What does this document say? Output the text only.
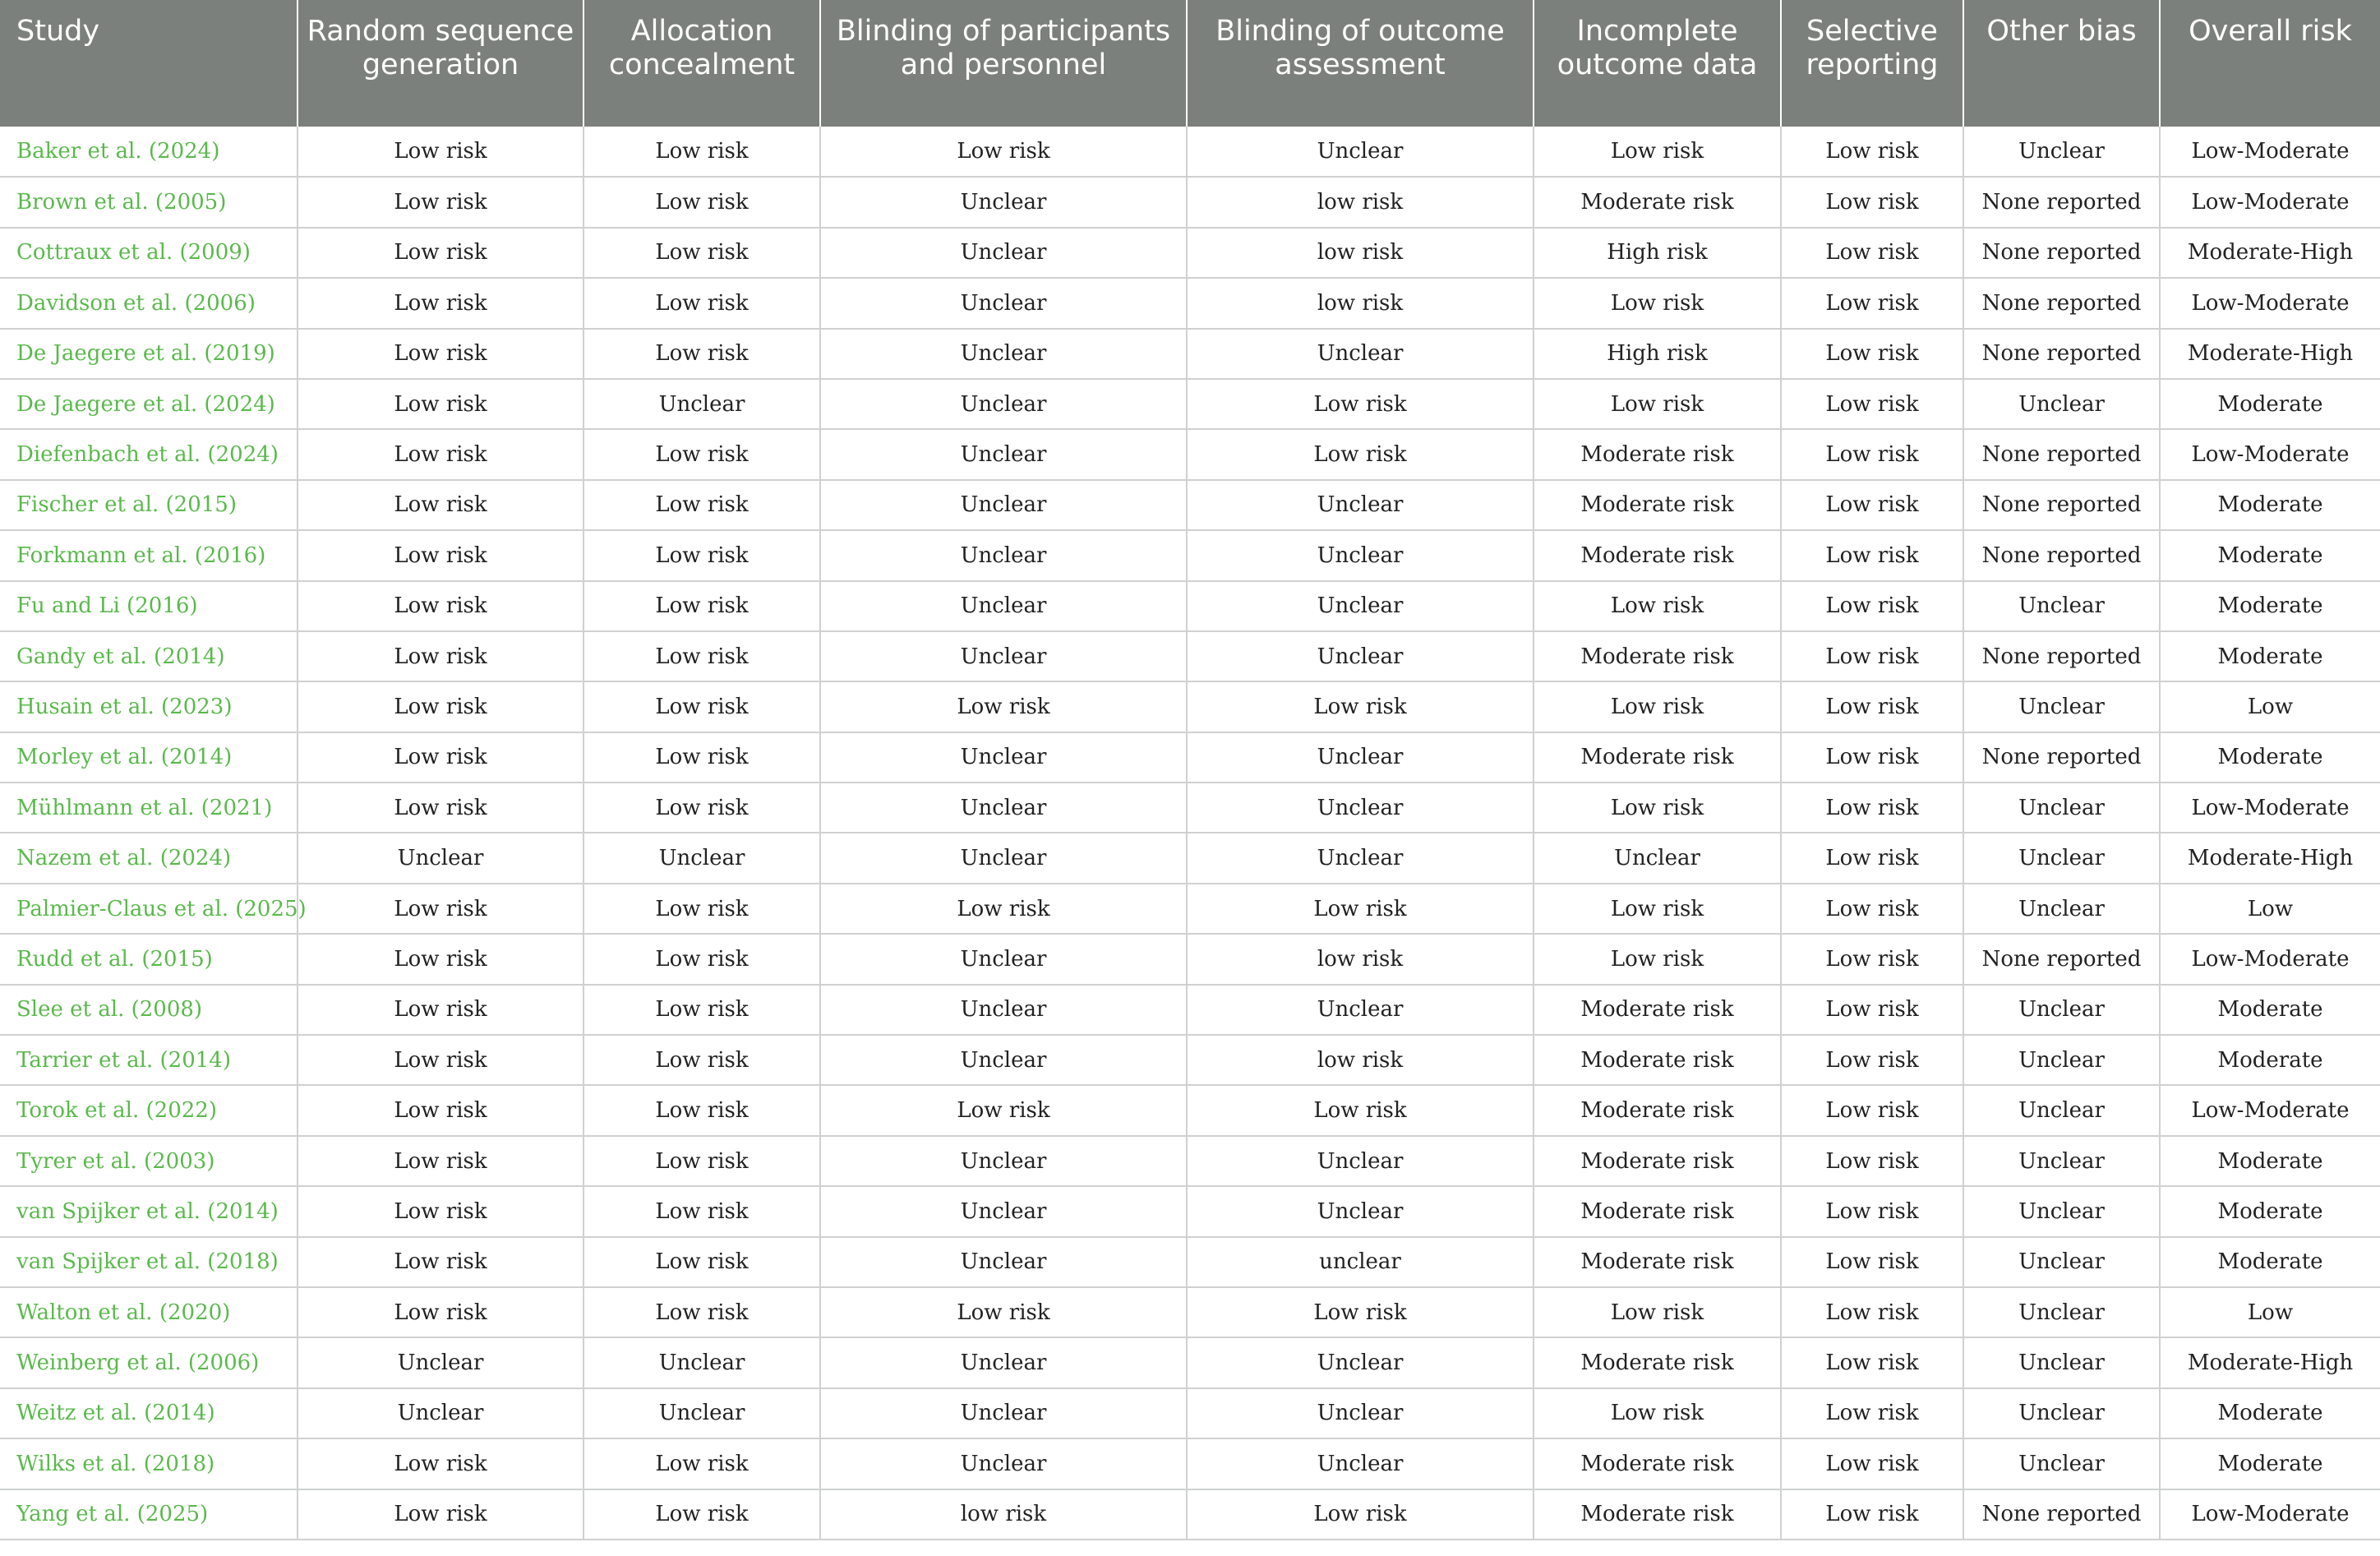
Study	Random sequence generation	Allocation concealment	Blinding of participants and personnel	Blinding of outcome assessment	Incomplete outcome data	Selective reporting	Other bias	Overall risk
Baker et al. (2024)	Low risk	Low risk	Low risk	Unclear	Low risk	Low risk	Unclear	Low-Moderate
Brown et al. (2005)	Low risk	Low risk	Unclear	low risk	Moderate risk	Low risk	None reported	Low-Moderate
Cottraux et al. (2009)	Low risk	Low risk	Unclear	low risk	High risk	Low risk	None reported	Moderate-High
Davidson et al. (2006)	Low risk	Low risk	Unclear	low risk	Low risk	Low risk	None reported	Low-Moderate
De Jaegere et al. (2019)	Low risk	Low risk	Unclear	Unclear	High risk	Low risk	None reported	Moderate-High
De Jaegere et al. (2024)	Low risk	Unclear	Unclear	Low risk	Low risk	Low risk	Unclear	Moderate
Diefenbach et al. (2024)	Low risk	Low risk	Unclear	Low risk	Moderate risk	Low risk	None reported	Low-Moderate
Fischer et al. (2015)	Low risk	Low risk	Unclear	Unclear	Moderate risk	Low risk	None reported	Moderate
Forkmann et al. (2016)	Low risk	Low risk	Unclear	Unclear	Moderate risk	Low risk	None reported	Moderate
Fu and Li (2016)	Low risk	Low risk	Unclear	Unclear	Low risk	Low risk	Unclear	Moderate
Gandy et al. (2014)	Low risk	Low risk	Unclear	Unclear	Moderate risk	Low risk	None reported	Moderate
Husain et al. (2023)	Low risk	Low risk	Low risk	Low risk	Low risk	Low risk	Unclear	Low
Morley et al. (2014)	Low risk	Low risk	Unclear	Unclear	Moderate risk	Low risk	None reported	Moderate
Mühlmann et al. (2021)	Low risk	Low risk	Unclear	Unclear	Low risk	Low risk	Unclear	Low-Moderate
Nazem et al. (2024)	Unclear	Unclear	Unclear	Unclear	Unclear	Low risk	Unclear	Moderate-High
Palmier-Claus et al. (2025)	Low risk	Low risk	Low risk	Low risk	Low risk	Low risk	Unclear	Low
Rudd et al. (2015)	Low risk	Low risk	Unclear	low risk	Low risk	Low risk	None reported	Low-Moderate
Slee et al. (2008)	Low risk	Low risk	Unclear	Unclear	Moderate risk	Low risk	Unclear	Moderate
Tarrier et al. (2014)	Low risk	Low risk	Unclear	low risk	Moderate risk	Low risk	Unclear	Moderate
Torok et al. (2022)	Low risk	Low risk	Low risk	Low risk	Moderate risk	Low risk	Unclear	Low-Moderate
Tyrer et al. (2003)	Low risk	Low risk	Unclear	Unclear	Moderate risk	Low risk	Unclear	Moderate
van Spijker et al. (2014)	Low risk	Low risk	Unclear	Unclear	Moderate risk	Low risk	Unclear	Moderate
van Spijker et al. (2018)	Low risk	Low risk	Unclear	unclear	Moderate risk	Low risk	Unclear	Moderate
Walton et al. (2020)	Low risk	Low risk	Low risk	Low risk	Low risk	Low risk	Unclear	Low
Weinberg et al. (2006)	Unclear	Unclear	Unclear	Unclear	Moderate risk	Low risk	Unclear	Moderate-High
Weitz et al. (2014)	Unclear	Unclear	Unclear	Unclear	Low risk	Low risk	Unclear	Moderate
Wilks et al. (2018)	Low risk	Low risk	Unclear	Unclear	Moderate risk	Low risk	Unclear	Moderate
Yang et al. (2025)	Low risk	Low risk	low risk	Low risk	Moderate risk	Low risk	None reported	Low-Moderate
